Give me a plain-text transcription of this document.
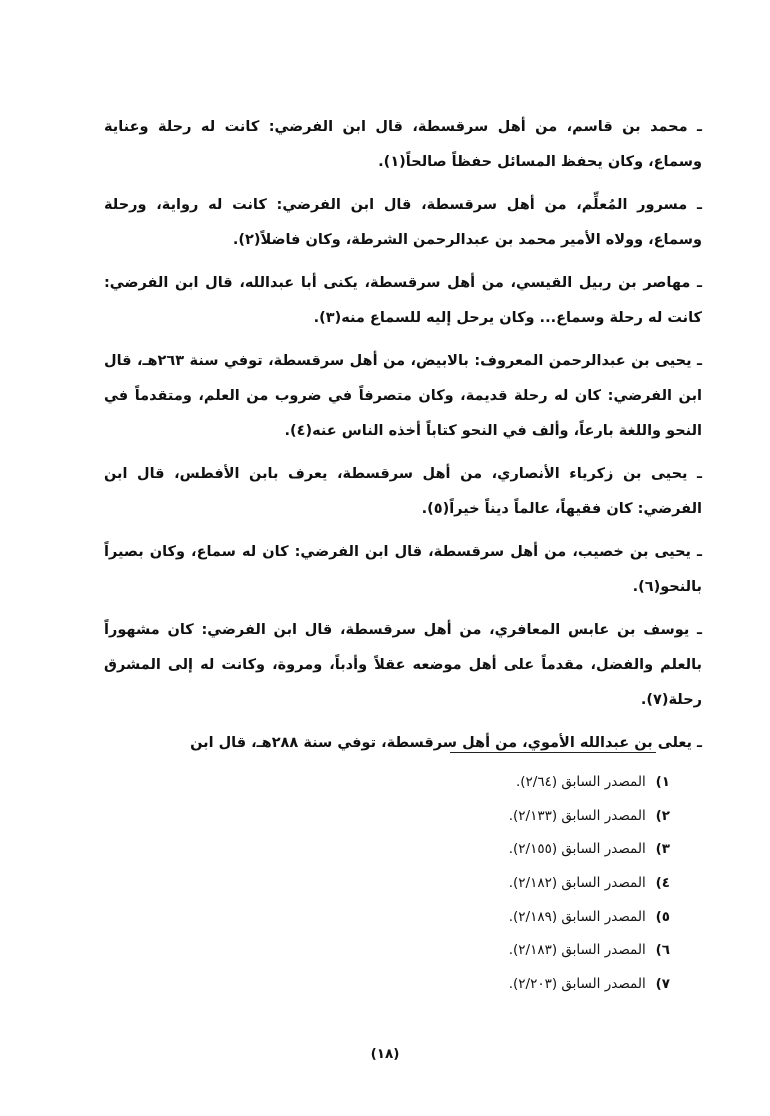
ـ محمد بن قاسم، من أهل سرقسطة، قال ابن الفرضي: كانت له رحلة وعناية وسماع، وكان يحفظ المسائل حفظاً صالحاً(١).

ـ مسرور المُعلِّم، من أهل سرقسطة، قال ابن الفرضي: كانت له رواية، ورحلة وسماع، وولاه الأمير محمد بن عبدالرحمن الشرطة، وكان فاضلاً(٢).

ـ مهاصر بن ربيل القيسي، من أهل سرقسطة، يكنى أبا عبدالله، قال ابن الفرضي: كانت له رحلة وسماع... وكان يرحل إليه للسماع منه(٣).

ـ يحيى بن عبدالرحمن المعروف: بالابيض، من أهل سرقسطة، توفي سنة ٢٦٣هـ، قال ابن الفرضي: كان له رحلة قديمة، وكان متصرفاً في ضروب من العلم، ومتقدماً في النحو واللغة بارعاً، وألف في النحو كتاباً أخذه الناس عنه(٤).

ـ يحيى بن زكرياء الأنصاري، من أهل سرقسطة، يعرف بابن الأفطس، قال ابن الفرضي: كان فقيهاً، عالماً ديناً خيراً(٥).

ـ يحيى بن خصيب، من أهل سرقسطة، قال ابن الفرضي: كان له سماع، وكان بصيراً بالنحو(٦).

ـ يوسف بن عابس المعافري، من أهل سرقسطة، قال ابن الفرضي: كان مشهوراً بالعلم والفضل، مقدماً على أهل موضعه عقلاً وأدباً، ومروة، وكانت له إلى المشرق رحلة(٧).

ـ يعلى بن عبدالله الأموي، من أهل سرقسطة، توفي سنة ٢٨٨هـ، قال ابن

١) المصدر السابق (٢/٦٤).
٢) المصدر السابق (٢/١٣٣).
٣) المصدر السابق (٢/١٥٥).
٤) المصدر السابق (٢/١٨٢).
٥) المصدر السابق (٢/١٨٩).
٦) المصدر السابق (٢/١٨٣).
٧) المصدر السابق (٢/٢٠٣).
(١٨)
